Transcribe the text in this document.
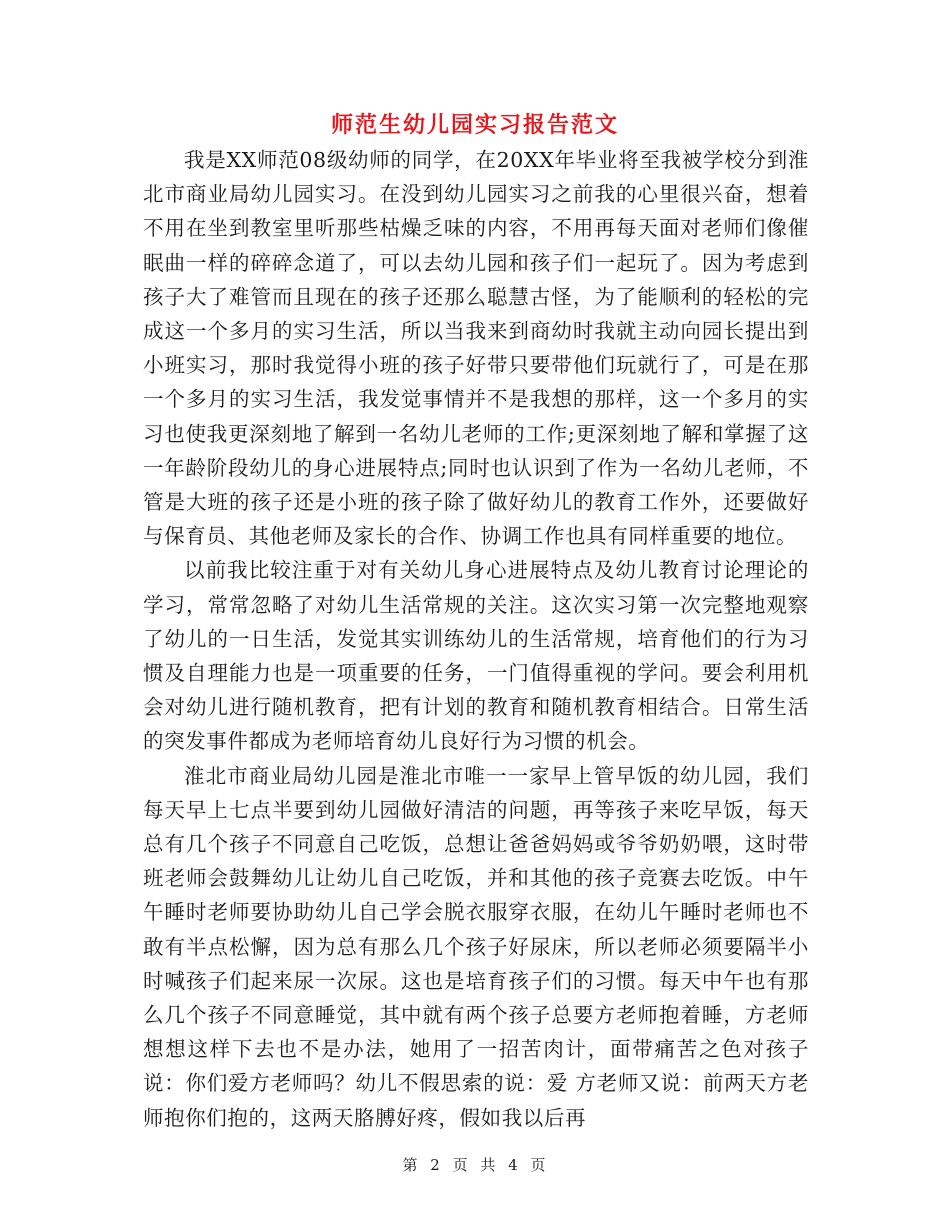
师范生幼儿园实习报告范文

我是XX师范08级幼师的同学，在20XX年毕业将至我被学校分到淮北市商业局幼儿园实习。在没到幼儿园实习之前我的心里很兴奋，想着不用在坐到教室里听那些枯燥乏味的内容，不用再每天面对老师们像催眠曲一样的碎碎念道了，可以去幼儿园和孩子们一起玩了。因为考虑到孩子大了难管而且现在的孩子还那么聪慧古怪，为了能顺利的轻松的完成这一个多月的实习生活，所以当我来到商幼时我就主动向园长提出到小班实习，那时我觉得小班的孩子好带只要带他们玩就行了，可是在那一个多月的实习生活，我发觉事情并不是我想的那样，这一个多月的实习也使我更深刻地了解到一名幼儿老师的工作;更深刻地了解和掌握了这一年龄阶段幼儿的身心进展特点;同时也认识到了作为一名幼儿老师，不管是大班的孩子还是小班的孩子除了做好幼儿的教育工作外，还要做好与保育员、其他老师及家长的合作、协调工作也具有同样重要的地位。

以前我比较注重于对有关幼儿身心进展特点及幼儿教育讨论理论的学习，常常忽略了对幼儿生活常规的关注。这次实习第一次完整地观察了幼儿的一日生活，发觉其实训练幼儿的生活常规，培育他们的行为习惯及自理能力也是一项重要的任务，一门值得重视的学问。要会利用机会对幼儿进行随机教育，把有计划的教育和随机教育相结合。日常生活的突发事件都成为老师培育幼儿良好行为习惯的机会。

淮北市商业局幼儿园是淮北市唯一一家早上管早饭的幼儿园，我们每天早上七点半要到幼儿园做好清洁的问题，再等孩子来吃早饭，每天总有几个孩子不同意自己吃饭，总想让爸爸妈妈或爷爷奶奶喂，这时带班老师会鼓舞幼儿让幼儿自己吃饭，并和其他的孩子竞赛去吃饭。中午午睡时老师要协助幼儿自己学会脱衣服穿衣服，在幼儿午睡时老师也不敢有半点松懈，因为总有那么几个孩子好尿床，所以老师必须要隔半小时喊孩子们起来尿一次尿。这也是培育孩子们的习惯。每天中午也有那么几个孩子不同意睡觉，其中就有两个孩子总要方老师抱着睡，方老师想想这样下去也不是办法，她用了一招苦肉计，面带痛苦之色对孩子说：你们爱方老师吗？幼儿不假思索的说：爱 方老师又说：前两天方老师抱你们抱的，这两天胳膊好疼，假如我以后再

第 2 页 共 4 页
